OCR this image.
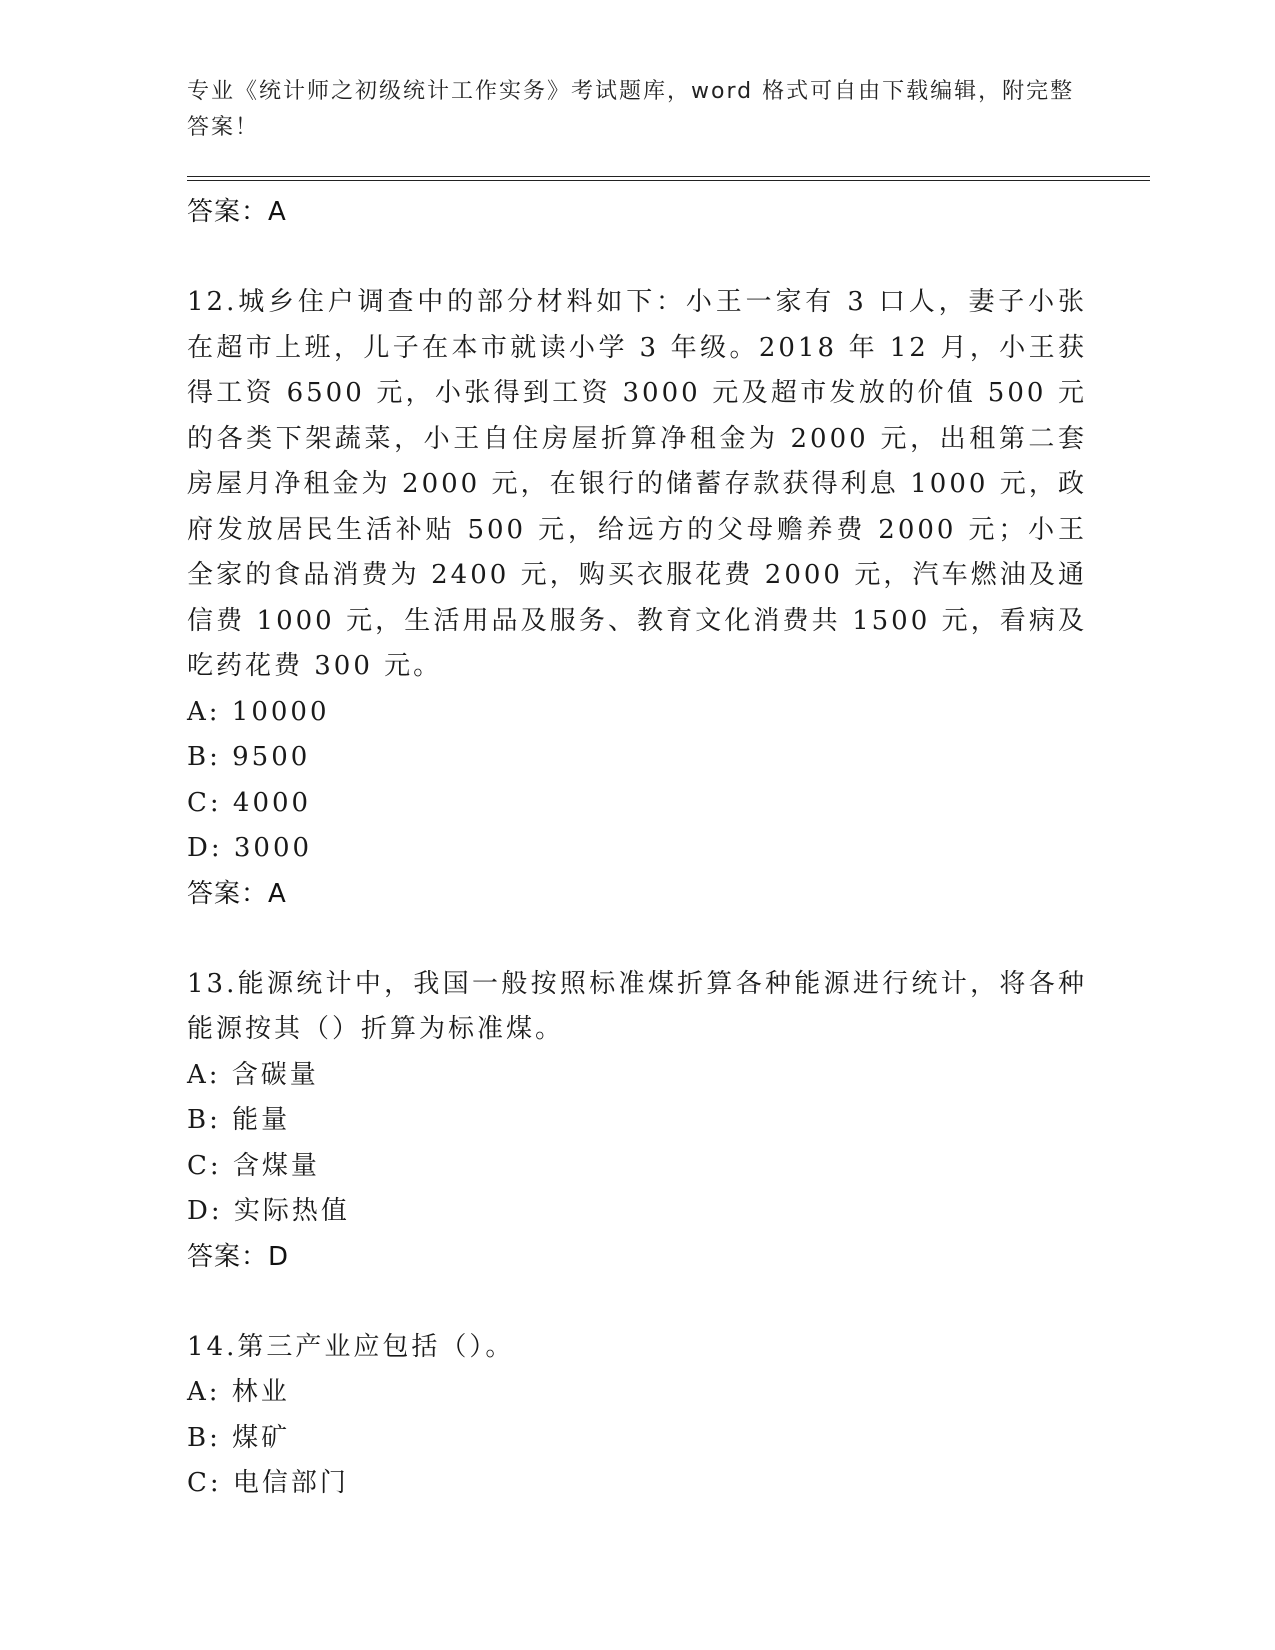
专业《统计师之初级统计工作实务》考试题库，word 格式可自由下载编辑，附完整答案！
答案：A

12.城乡住户调查中的部分材料如下：小王一家有 3 口人，妻子小张在超市上班，儿子在本市就读小学 3 年级。2018 年 12 月，小王获得工资 6500 元，小张得到工资 3000 元及超市发放的价值 500 元的各类下架蔬菜，小王自住房屋折算净租金为 2000 元，出租第二套房屋月净租金为 2000 元，在银行的储蓄存款获得利息 1000 元，政府发放居民生活补贴 500 元，给远方的父母赡养费 2000 元；小王全家的食品消费为 2400 元，购买衣服花费 2000 元，汽车燃油及通信费 1000 元，生活用品及服务、教育文化消费共 1500 元，看病及吃药花费 300 元。

A: 10000
B: 9500
C: 4000
D: 3000
答案：A

13.能源统计中，我国一般按照标准煤折算各种能源进行统计，将各种能源按其（）折算为标准煤。

A: 含碳量
B: 能量
C: 含煤量
D: 实际热值
答案：D

14.第三产业应包括（）。

A: 林业
B: 煤矿
C: 电信部门
